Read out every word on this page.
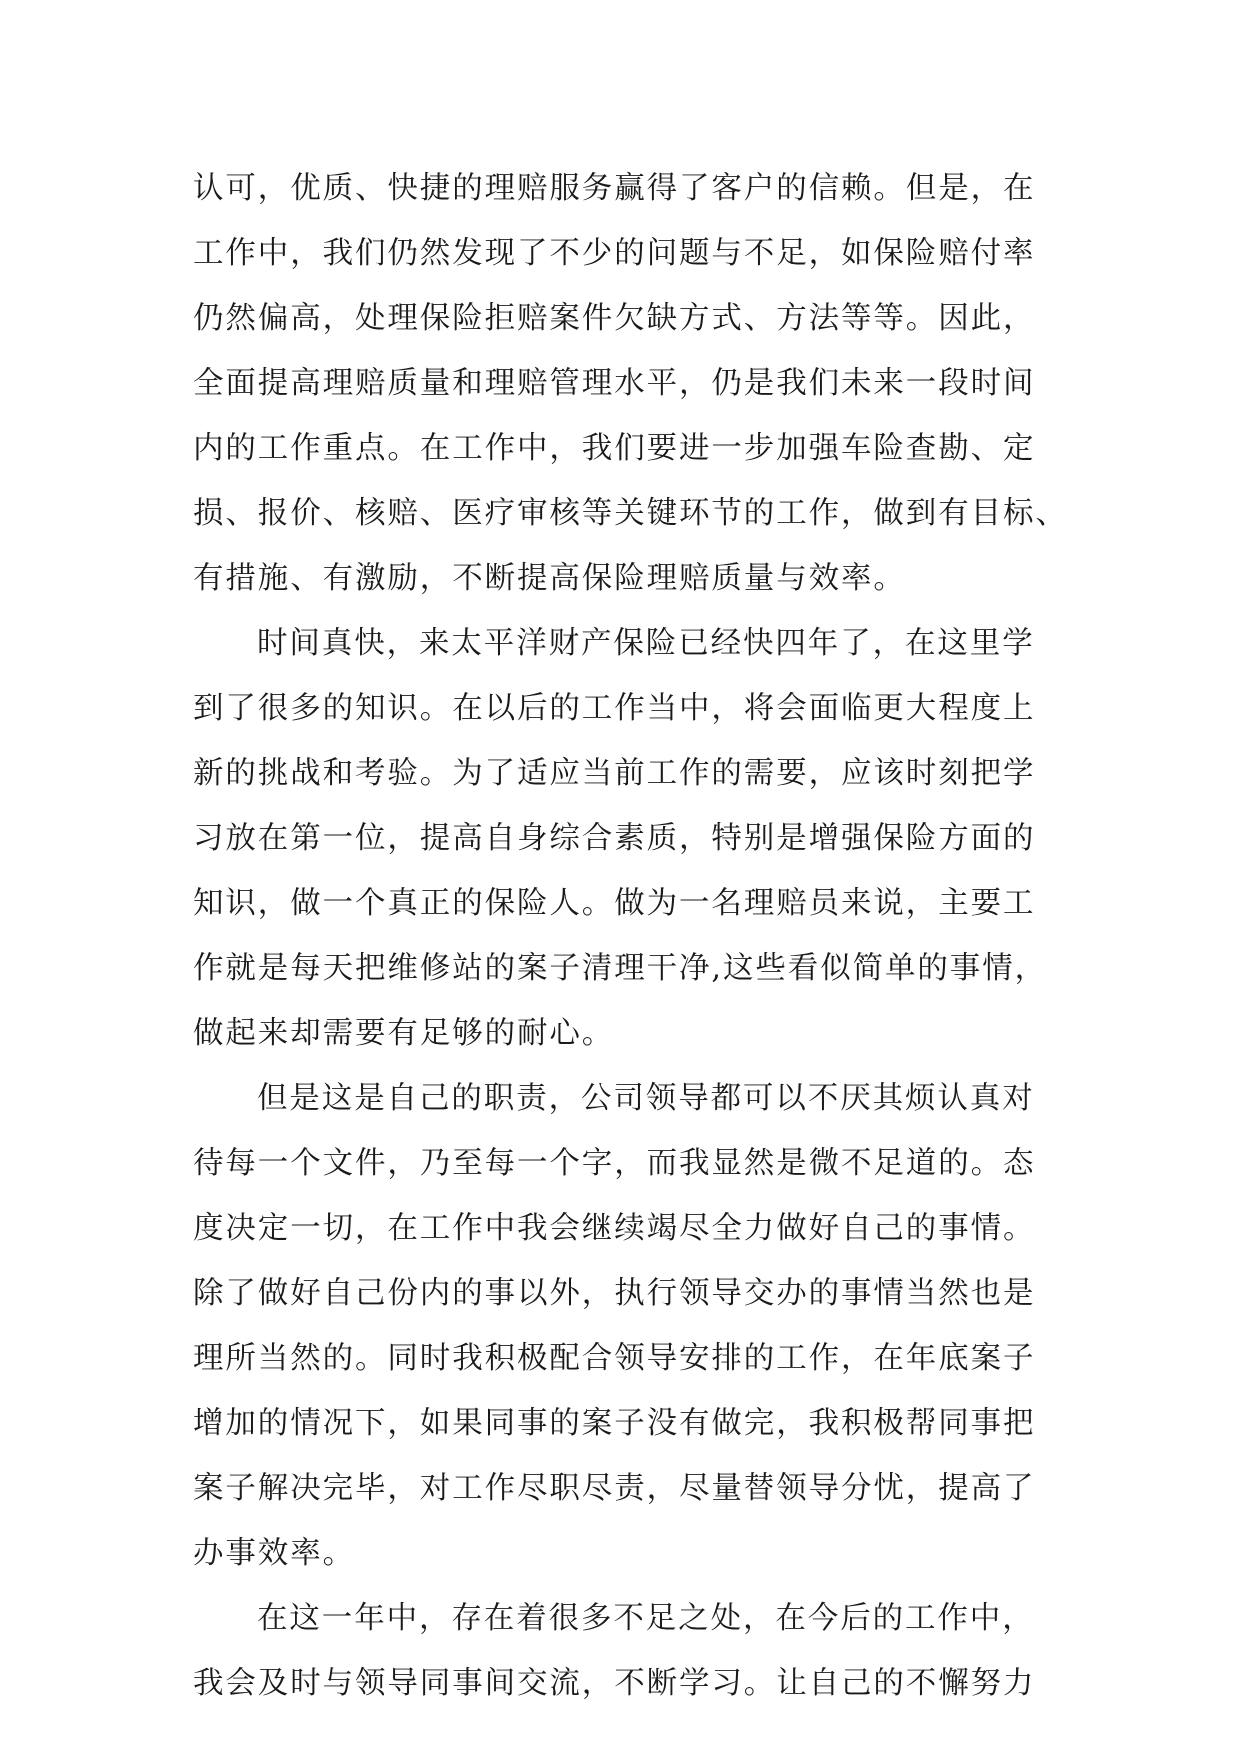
认可，优质、快捷的理赔服务赢得了客户的信赖。但是，在
工作中，我们仍然发现了不少的问题与不足，如保险赔付率
仍然偏高，处理保险拒赔案件欠缺方式、方法等等。因此，
全面提高理赔质量和理赔管理水平，仍是我们未来一段时间
内的工作重点。在工作中，我们要进一步加强车险查勘、定
损、报价、核赔、医疗审核等关键环节的工作，做到有目标、
有措施、有激励，不断提高保险理赔质量与效率。
时间真快，来太平洋财产保险已经快四年了，在这里学
到了很多的知识。在以后的工作当中，将会面临更大程度上
新的挑战和考验。为了适应当前工作的需要，应该时刻把学
习放在第一位，提高自身综合素质，特别是增强保险方面的
知识，做一个真正的保险人。做为一名理赔员来说，主要工
作就是每天把维修站的案子清理干净,这些看似简单的事情，
做起来却需要有足够的耐心。
但是这是自己的职责，公司领导都可以不厌其烦认真对
待每一个文件，乃至每一个字，而我显然是微不足道的。态
度决定一切，在工作中我会继续竭尽全力做好自己的事情。
除了做好自己份内的事以外，执行领导交办的事情当然也是
理所当然的。同时我积极配合领导安排的工作，在年底案子
增加的情况下，如果同事的案子没有做完，我积极帮同事把
案子解决完毕，对工作尽职尽责，尽量替领导分忧，提高了
办事效率。
在这一年中，存在着很多不足之处，在今后的工作中，
我会及时与领导同事间交流，不断学习。让自己的不懈努力
